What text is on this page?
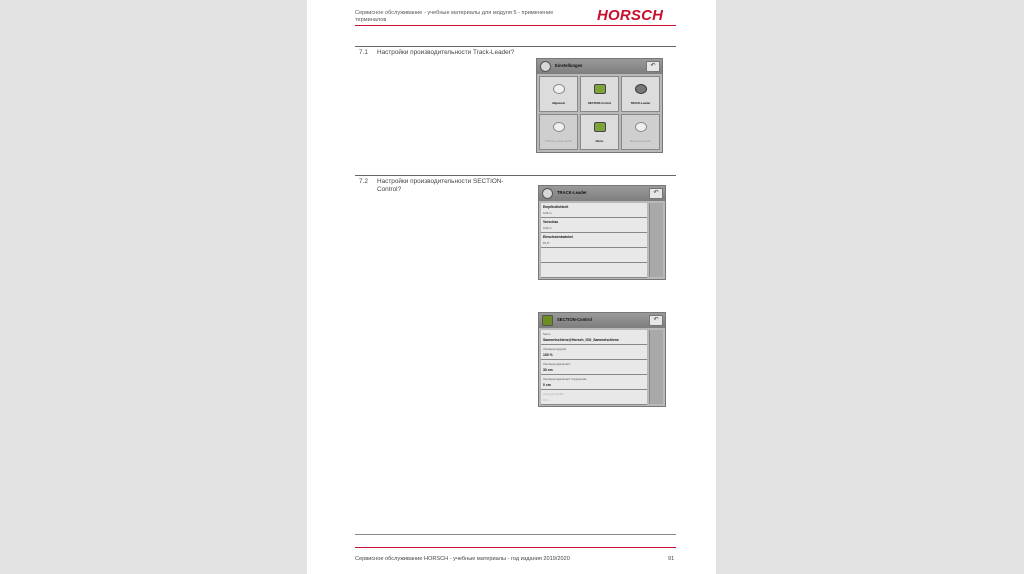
Сервисное обслуживание - учебные материалы для модуля 5 - применение терминалов	HORSCH
7.1 Настройки производительности Track-Leader?
Einstellungen	↶
Allgemein	SECTION-Control	TRACK-Leader
TRACK-Leader AUTO	Demo	Maschinenprofile
7.2 Настройки производительности SECTION-Control?	TRACK-Leader	↶
Empfindlichkeit
0,00 m
Vorschau
0,00 m
Einschwenkwinkel
15,0°
SECTION-Control	↶
Name
Sammelschiene@Horsch_ISO_Sammelschiene
Überlappungsgrad
100 %
Überlappungstoleranz
30 cm
Überlappungstoleranz Vorgewende
0 cm
Verzögerung Ein
0,0 s
Сервисное обслуживание HORSCH - учебные материалы - год издания 2019/2020	91
